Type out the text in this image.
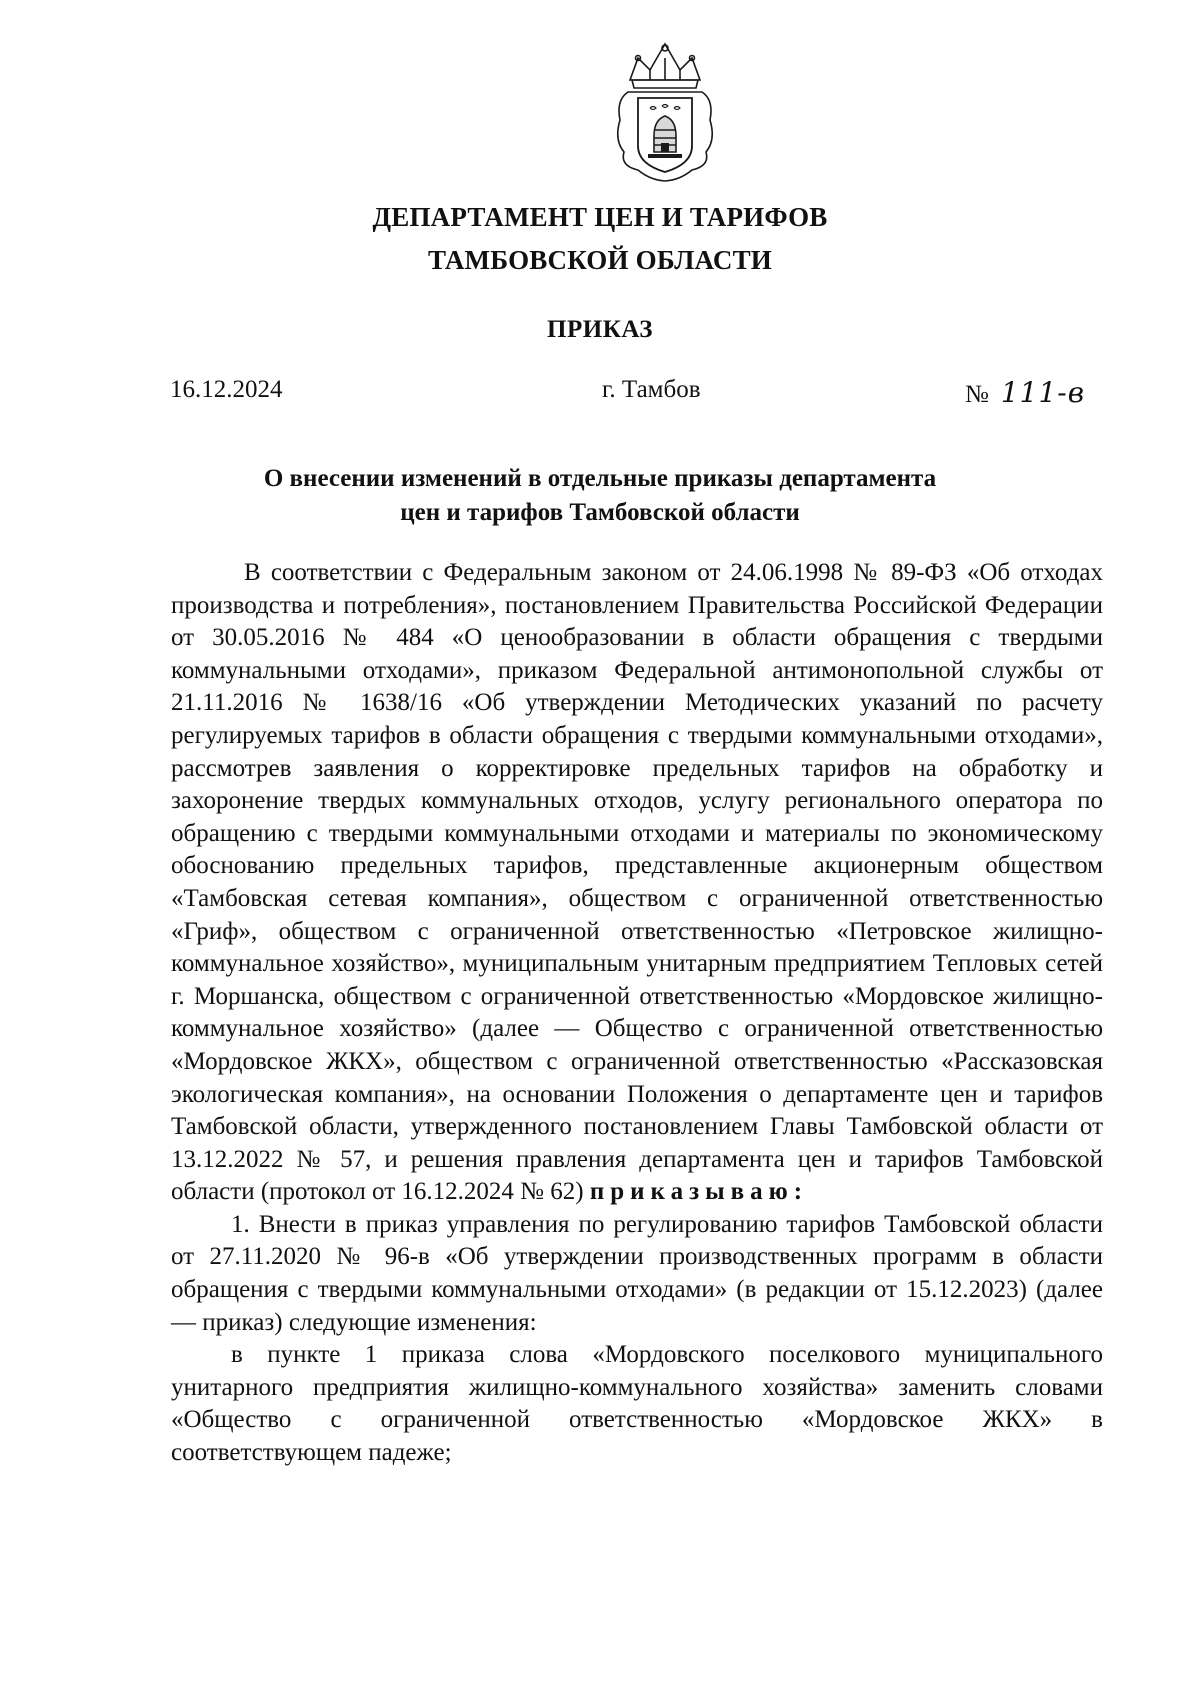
ДЕПАРТАМЕНТ ЦЕН И ТАРИФОВ
ТАМБОВСКОЙ ОБЛАСТИ
ПРИКАЗ
16.12.2024	г. Тамбов	№ 111-в
О внесении изменений в отдельные приказы департамента
цен и тарифов Тамбовской области

В соответствии с Федеральным законом от 24.06.1998 № 89-ФЗ «Об отходах производства и потребления», постановлением Правительства Российской Федерации от 30.05.2016 № 484 «О ценообразовании в области обращения с твердыми коммунальными отходами», приказом Федеральной антимонопольной службы от 21.11.2016 № 1638/16 «Об утверждении Методических указаний по расчету регулируемых тарифов в области обращения с твердыми коммунальными отходами», рассмотрев заявления о корректировке предельных тарифов на обработку и захоронение твердых коммунальных отходов, услугу регионального оператора по обращению с твердыми коммунальными отходами и материалы по экономическому обоснованию предельных тарифов, представленные акционерным обществом «Тамбовская сетевая компания», обществом с ограниченной ответственностью «Гриф», обществом с ограниченной ответственностью «Петровское жилищно-коммунальное хозяйство», муниципальным унитарным предприятием Тепловых сетей г. Моршанска, обществом с ограниченной ответственностью «Мордовское жилищно-коммунальное хозяйство» (далее — Общество с ограниченной ответственностью «Мордовское ЖКХ», обществом с ограниченной ответственностью «Рассказовская экологическая компания», на основании Положения о департаменте цен и тарифов Тамбовской области, утвержденного постановлением Главы Тамбовской области от 13.12.2022 № 57, и решения правления департамента цен и тарифов Тамбовской области (протокол от 16.12.2024 № 62) приказываю:

1. Внести в приказ управления по регулированию тарифов Тамбовской области от 27.11.2020 № 96-в «Об утверждении производственных программ в области обращения с твердыми коммунальными отходами» (в редакции от 15.12.2023) (далее — приказ) следующие изменения:

в пункте 1 приказа слова «Мордовского поселкового муниципального унитарного предприятия жилищно-коммунального хозяйства» заменить словами «Общество с ограниченной ответственностью «Мордовское ЖКХ» в соответствующем падеже;
